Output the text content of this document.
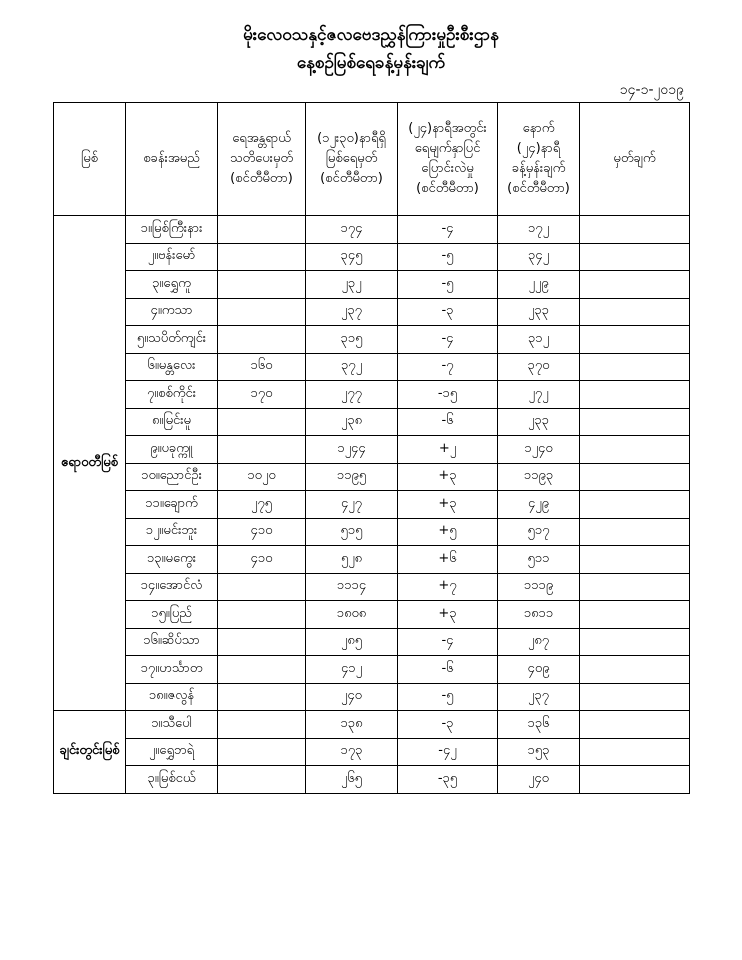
မိုးလေဝသနှင့်ဇလဗေဒညွှန်ကြားမှုဦးစီးဌာန
နေ့စဉ်မြစ်ရေခန့်မှန်းချက်
၁၄-၁-၂၀၁၉
မြစ်	စခန်းအမည်	ရေအန္တရာယ်
သတိပေးမှတ်
(စင်တီမီတာ)	(၁၂း၃၀)နာရီရှိ
မြစ်ရေမှတ်
(စင်တီမီတာ)	(၂၄)နာရီအတွင်း
ရေမျက်နှာပြင်
ပြောင်းလဲမှု
(စင်တီမီတာ)	နောက်
(၂၄)နာရီ
ခန့်မှန်းချက်
(စင်တီမီတာ)	မှတ်ချက်
ဧရာဝတီမြစ်	၁။မြစ်ကြီးနား		၁၇၄	-၄	၁၇၂	
	၂။ဗန်းမော်		၃၄၅	-၅	၃၄၂	
	၃။ရွှေကူ		၂၃၂	-၅	၂၂၉	
	၄။ကသာ		၂၃၇	-၃	၂၃၃	
	၅။သပိတ်ကျင်း		၃၁၅	-၄	၃၁၂	
	၆။မန္တလေး	၁၆၀	၃၇၂	-၇	၃၇၀	
	၇။စစ်ကိုင်း	၁၇၀	၂၇၇	-၁၅	၂၇၂	
	၈။မြင်းမူ		၂၃၈	-၆	၂၃၃	
	၉။ပခုက္ကူ		၁၂၄၄	+၂	၁၂၄၀	
	၁၀။ညောင်ဦး	၁၀၂၀	၁၁၉၅	+၃	၁၁၉၃	
	၁၁။ချောက်	၂၇၅	၄၂၇	+၃	၄၂၉	
	၁၂။မင်းဘူး	၄၁၀	၅၁၅	+၅	၅၁၇	
	၁၃။မကွေး	၄၁၀	၅၂၈	+၆	၅၁၁	
	၁၄။အောင်လံ		၁၁၁၄	+၇	၁၁၁၉	
	၁၅။ပြည်		၁၈၀၈	+၃	၁၈၁၁	
	၁၆။ဆိပ်သာ		၂၈၅	-၄	၂၈၇	
	၁၇။ဟင်္သာတ		၄၁၂	-၆	၄၀၉	
	၁၈။ဇလွန်		၂၄၀	-၅	၂၃၇	
ချင်းတွင်းမြစ်	၁။သီပေါ		၁၃၈	-၃	၁၃၆	
	၂။ရွှေဘရဲ		၁၇၃	-၄၂	၁၅၃	
	၃။မြစ်ငယ်		၂၆၅	-၃၅	၂၄၀	
